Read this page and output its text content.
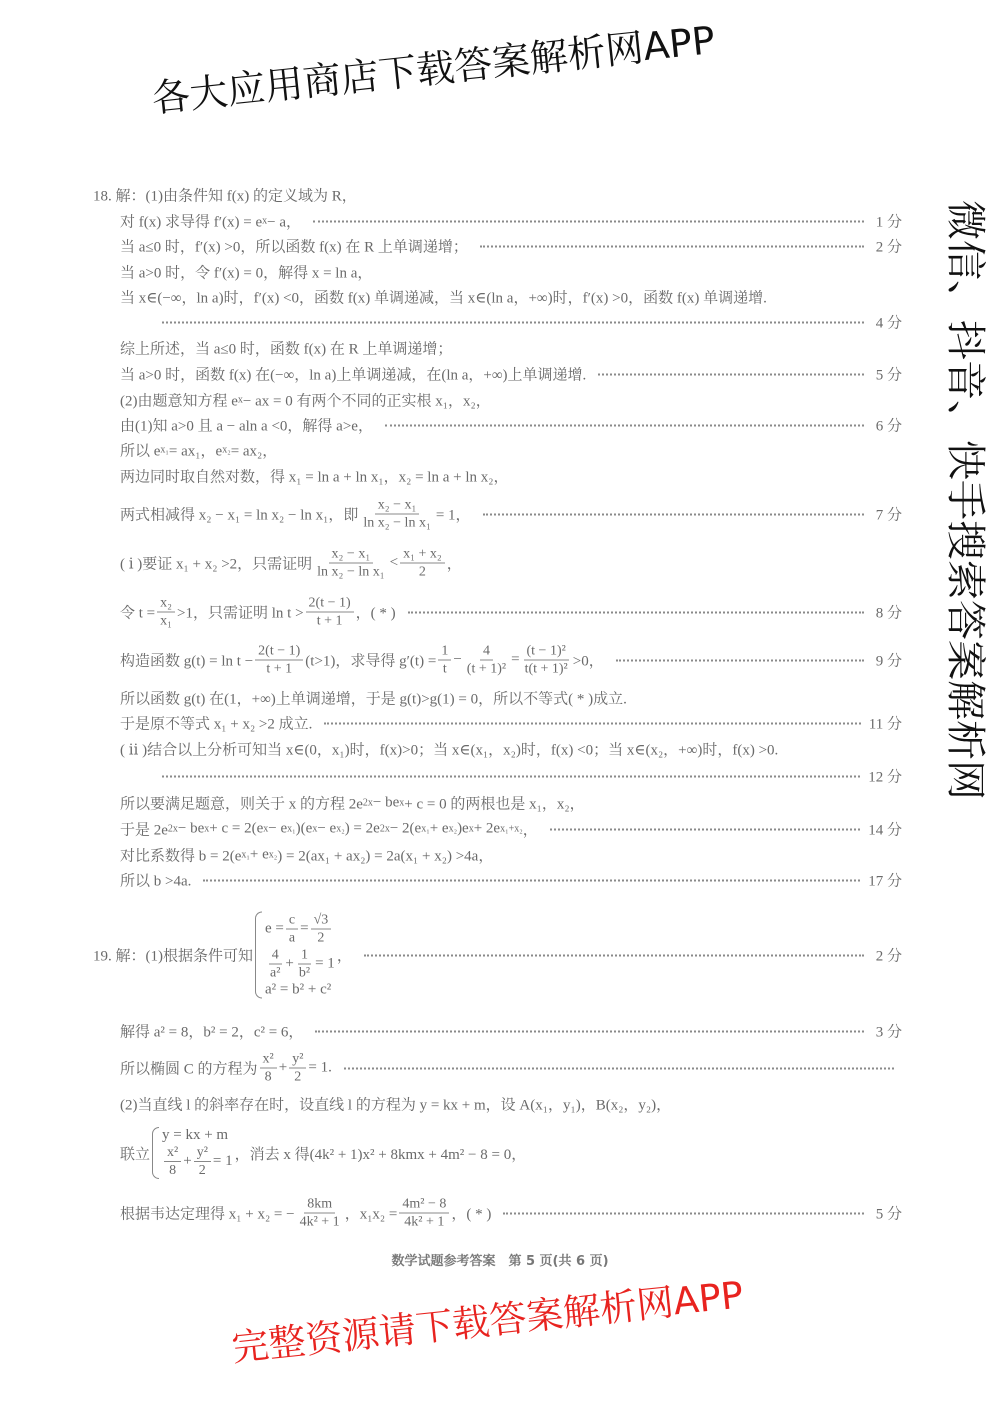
18. 解：(1)由条件知 f(x) 的定义域为 R，
对 f(x) 求导得 f′(x) = e x − a，	1 分
当 a≤0 时，f′(x) >0，所以函数 f(x) 在 R 上单调递增；	2 分
当 a>0 时，令 f′(x) = 0，解得 x = ln a，
当 x∈(−∞，ln a)时，f′(x) <0，函数 f(x) 单调递减，当 x∈(ln a，+∞)时，f′(x) >0，函数 f(x) 单调递增.
4 分
综上所述，当 a≤0 时，函数 f(x) 在 R 上单调递增；
当 a>0 时，函数 f(x) 在(−∞，ln a)上单调递减，在(ln a，+∞)上单调递增.	5 分
(2)由题意知方程 e x − ax = 0 有两个不同的正实根 x₁，x₂，
由(1)知 a>0 且 a − aln a <0，解得 a>e，	6 分
所以 e x₁ = ax₁，e x₂ = ax₂，
两边同时取自然对数，得 x₁ = ln a + ln x₁，x₂ = ln a + ln x₂，
两式相减得 x₂ − x₁ = ln x₂ − ln x₁，即 $\frac{\text{x₂ − x₁}}{\text{ln x₂ − ln x₁}} = 1$，	7 分
( ⅰ )要证 x₁ + x₂ >2，只需证明 $\frac{\text{x₂ − x₁}}{\text{ln x₂ − ln x₁}} < \frac{\text{x₁ + x₂}}{2}$ ，
令 $t = \frac{\text{x₂}}{\text{x₁}} >1$，只需证明 $\ln t > \frac{2(t - 1)}{t + 1}$ ，( * )	8 分
构造函数 $g(t) = \ln t - \frac{2(t - 1)}{t + 1} (t>1)$，求导得 $g'(t) = \frac{1}{t} - \frac{4}{\text{(t + 1)²}} = \frac{\text{(t − 1)²}}{\text{t(t + 1)²}} >0$，	9 分
所以函数 g(t) 在(1，+∞)上单调递增，于是 g(t)>g(1) = 0，所以不等式( * )成立.
于是原不等式 x₁ + x₂ >2 成立.	11 分
( ⅱ )结合以上分析可知当 x∈(0，x₁)时，f(x)>0；当 x∈(x₁，x₂)时，f(x) <0；当 x∈(x₂，+∞)时，f(x) >0.
12 分
所以要满足题意，则关于 x 的方程 2e 2x − be x + c = 0 的两根也是 x₁，x₂，
于是 2e 2x − be x + c = 2(e x − e x₁ )(e x − e x₂ ) = 2e 2x − 2(e x₁ + e x₂ )e x + 2e x₁+x₂ ，	14 分
对比系数得 b = 2(e x₁ + e x₂ ) = 2(ax₁ + ax₂) = 2a(x₁ + x₂) >4a，
所以 b >4a.	17 分
19. 解：(1)根据条件可知
$e = \frac{c}{a} = \frac{√3}{2}$
$\frac{4}{\text{a²}} + \frac{1}{\text{b²}} = 1$
a² = b² + c²
，	2 分
解得 a² = 8，b² = 2，c² = 6，	3 分
所以椭圆 C 的方程为 $\frac{\text{x²}}{8} + \frac{\text{y²}}{2} = 1$.
(2)当直线 l 的斜率存在时，设直线 l 的方程为 y = kx + m，设 A(x₁，y₁)，B(x₂，y₂)，
联立
y = kx + m
$\frac{\text{x²}}{8} + \frac{\text{y²}}{2} = 1$ ，消去 x 得(4k² + 1)x² + 8kmx + 4m² − 8 = 0，
根据韦达定理得 x₁ + x₂ = − $\frac{8km}{\text{4k² + 1}}$ ，$x_1x_2 = \frac{\text{4m² − 8}}{\text{4k² + 1}}$ ，( * )	5 分
数学试题参考答案　第 5 页(共 6 页)
各大应用商店下载答案解析网APP
完整资源请下载答案解析网APP
微信、抖音、快手搜索答案解析网
